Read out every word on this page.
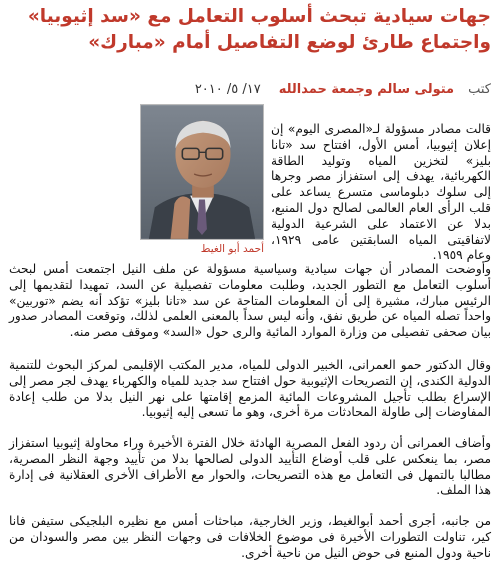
جهات سيادية تبحث أسلوب التعامل مع «سد إثيوبيا» واجتماع طارئ لوضع التفاصيل أمام «مبارك»
كتب
متولى سالم وجمعة حمدالله
١٧/ ٥/ ٢٠١٠
أحمد أبو الغيط

قالت مصادر مسؤولة لـ«المصرى اليوم» إن إعلان إثيوبيا، أمس الأول، افتتاح سد «تانا بليز» لتخزين المياه وتوليد الطاقة الكهربائية، يهدف إلى استفزاز مصر وجرها إلى سلوك دبلوماسى متسرع يساعد على قلب الرأى العام العالمى لصالح دول المنبع، بدلا عن الاعتماد على الشرعية الدولية لاتفاقيتى المياه السابقتين عامى ١٩٢٩، وعام ١٩٥٩.

وأوضحت المصادر أن جهات سيادية وسياسية مسؤولة عن ملف النيل اجتمعت أمس لبحث أسلوب التعامل مع التطور الجديد، وطلبت معلومات تفصيلية عن السد، تمهيدا لتقديمها إلى الرئيس مبارك، مشيرة إلى أن المعلومات المتاحة عن سد «تانا بليز» تؤكد أنه يضم «توربين» واحداً تصله المياه عن طريق نفق، وأنه ليس سداً بالمعنى العلمى لذلك، وتوقعت المصادر صدور بيان صحفى تفصيلى من وزارة الموارد المائية والرى حول «السد» وموقف مصر منه.

وقال الدكتور حمو العمرانى، الخبير الدولى للمياه، مدير المكتب الإقليمى لمركز البحوث للتنمية الدولية الكندى، إن التصريحات الإثيوبية حول افتتاح سد جديد للمياه والكهرباء يهدف لجر مصر إلى الإسراع بطلب تأجيل المشروعات المائية المزمع إقامتها على نهر النيل بدلا من طلب إعادة المفاوضات إلى طاولة المحادثات مرة أخرى، وهو ما تسعى إليه إثيوبيا.

وأضاف العمرانى أن ردود الفعل المصرية الهادئة خلال الفترة الأخيرة وراء محاولة إثيوبيا استفزاز مصر، بما ينعكس على قلب أوضاع التأييد الدولى لصالحها بدلا من تأييد وجهة النظر المصرية، مطالبا بالتمهل فى التعامل مع هذه التصريحات، والحوار مع الأطراف الأخرى العقلانية فى إدارة هذا الملف.

من جانبه، أجرى أحمد أبوالغيط، وزير الخارجية، مباحثات أمس مع نظيره البلجيكى ستيفن فانا كير، تناولت التطورات الأخيرة فى موضوع الخلافات فى وجهات النظر بين مصر والسودان من ناحية ودول المنبع فى حوض النيل من ناحية أخرى.
